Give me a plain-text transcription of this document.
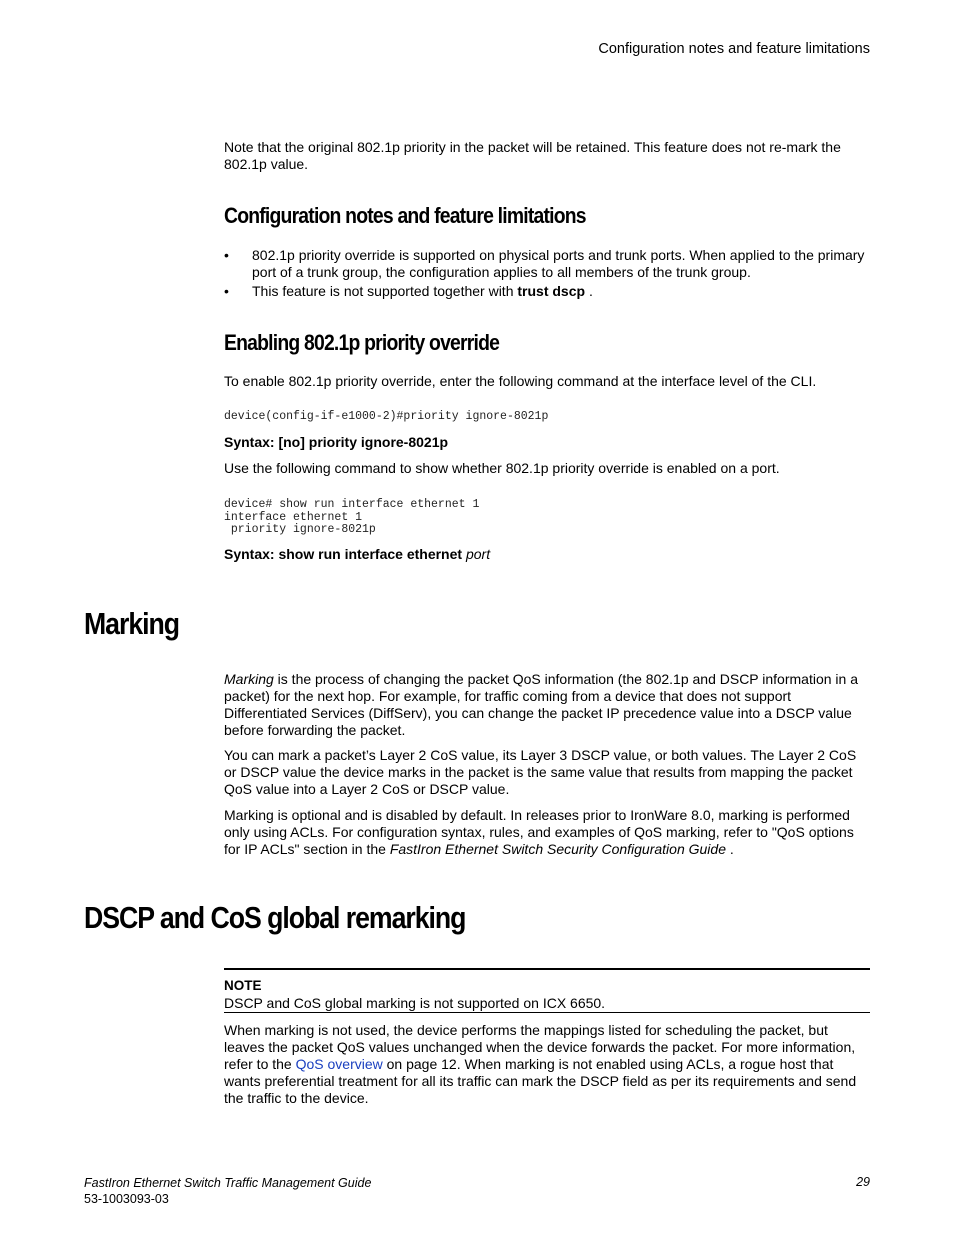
Configuration notes and feature limitations
Note that the original 802.1p priority in the packet will be retained. This feature does not re-mark the 802.1p value.
Configuration notes and feature limitations
• 802.1p priority override is supported on physical ports and trunk ports. When applied to the primary port of a trunk group, the configuration applies to all members of the trunk group.
• This feature is not supported together with trust dscp .
Enabling 802.1p priority override
To enable 802.1p priority override, enter the following command at the interface level of the CLI.
device(config-if-e1000-2)#priority ignore-8021p
Syntax: [no] priority ignore-8021p
Use the following command to show whether 802.1p priority override is enabled on a port.
device# show run interface ethernet 1
interface ethernet 1
priority ignore-8021p
Syntax: show run interface ethernet port
Marking
Marking is the process of changing the packet QoS information (the 802.1p and DSCP information in a packet) for the next hop. For example, for traffic coming from a device that does not support Differentiated Services (DiffServ), you can change the packet IP precedence value into a DSCP value before forwarding the packet.
You can mark a packet’s Layer 2 CoS value, its Layer 3 DSCP value, or both values. The Layer 2 CoS or DSCP value the device marks in the packet is the same value that results from mapping the packet QoS value into a Layer 2 CoS or DSCP value.
Marking is optional and is disabled by default. In releases prior to IronWare 8.0, marking is performed only using ACLs. For configuration syntax, rules, and examples of QoS marking, refer to "QoS options for IP ACLs" section in the FastIron Ethernet Switch Security Configuration Guide .
DSCP and CoS global remarking
NOTE
DSCP and CoS global marking is not supported on ICX 6650.
When marking is not used, the device performs the mappings listed for scheduling the packet, but leaves the packet QoS values unchanged when the device forwards the packet. For more information, refer to the QoS overview on page 12. When marking is not enabled using ACLs, a rogue host that wants preferential treatment for all its traffic can mark the DSCP field as per its requirements and send the traffic to the device.
FastIron Ethernet Switch Traffic Management Guide
53-1003093-03
29
